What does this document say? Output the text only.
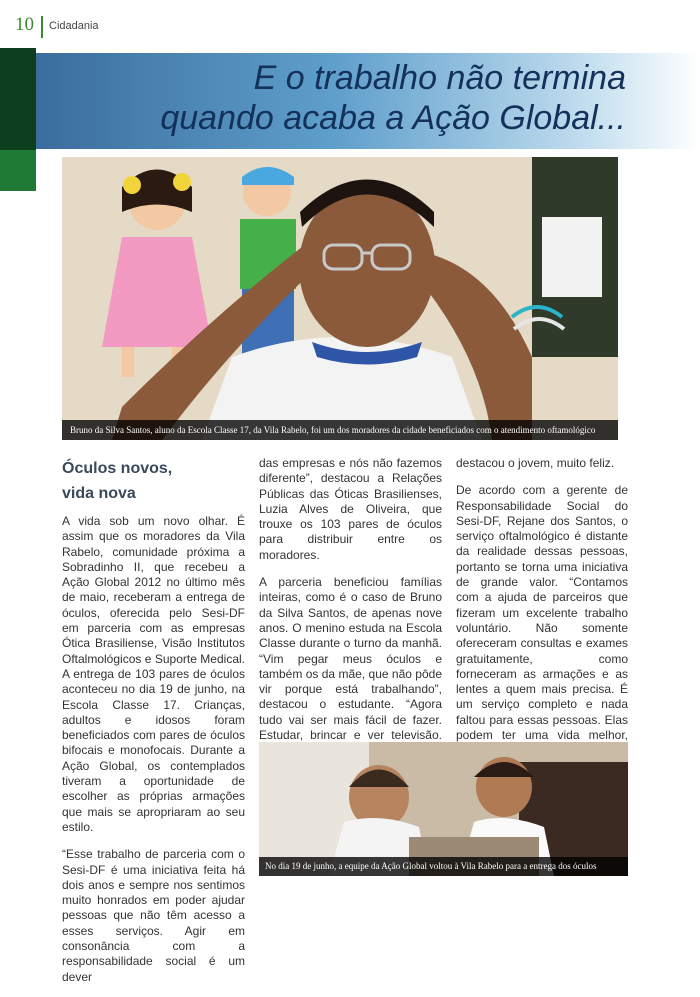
10 Cidadania
E o trabalho não termina
quando acaba a Ação Global...
Bruno da Silva Santos, aluno da Escola Classe 17, da Vila Rabelo, foi um dos moradores da cidade beneficiados com o atendimento oftamológico
Óculos novos,
vida nova

A vida sob um novo olhar. É assim que os moradores da Vila Rabelo, comunidade próxima a Sobradinho II, que recebeu a Ação Global 2012 no último mês de maio, receberam a entrega de óculos, oferecida pelo Sesi-DF em parceria com as empresas Ótica Brasiliense, Visão Institutos Oftalmológicos e Suporte Medical. A entrega de 103 pares de óculos aconteceu no dia 19 de junho, na Escola Classe 17. Crianças, adultos e idosos foram beneficiados com pares de óculos bifocais e monofocais. Durante a Ação Global, os contemplados tiveram a oportunidade de escolher as próprias armações que mais se apropriaram ao seu estilo.

“Esse trabalho de parceria com o Sesi-DF é uma iniciativa feita há dois anos e sempre nos sentimos muito honrados em poder ajudar pessoas que não têm acesso a esses serviços. Agir em consonância com a responsabilidade social é um dever

das empresas e nós não fazemos diferente”, destacou a Relações Públicas das Óticas Brasilienses, Luzia Alves de Oliveira, que trouxe os 103 pares de óculos para distribuir entre os moradores.

A parceria beneficiou famílias inteiras, como é o caso de Bruno da Silva Santos, de apenas nove anos. O menino estuda na Escola Classe durante o turno da manhã. “Vim pegar meus óculos e também os da mãe, que não pôde vir porque está trabalhando”, destacou o estudante. “Agora tudo vai ser mais fácil de fazer. Estudar, brincar e ver televisão.

destacou o jovem, muito feliz.

De acordo com a gerente de Responsabilidade Social do Sesi-DF, Rejane dos Santos, o serviço oftalmológico é distante da realidade dessas pessoas, portanto se torna uma iniciativa de grande valor. “Contamos com a ajuda de parceiros que fizeram um excelente trabalho voluntário. Não somente ofereceram consultas e exames gratuitamente, como forneceram as armações e as lentes a quem mais precisa. É um serviço completo e nada faltou para essas pessoas. Elas podem ter uma vida melhor,

No dia 19 de junho, a equipe da Ação Global voltou à Vila Rabelo para a entrega dos óculos
